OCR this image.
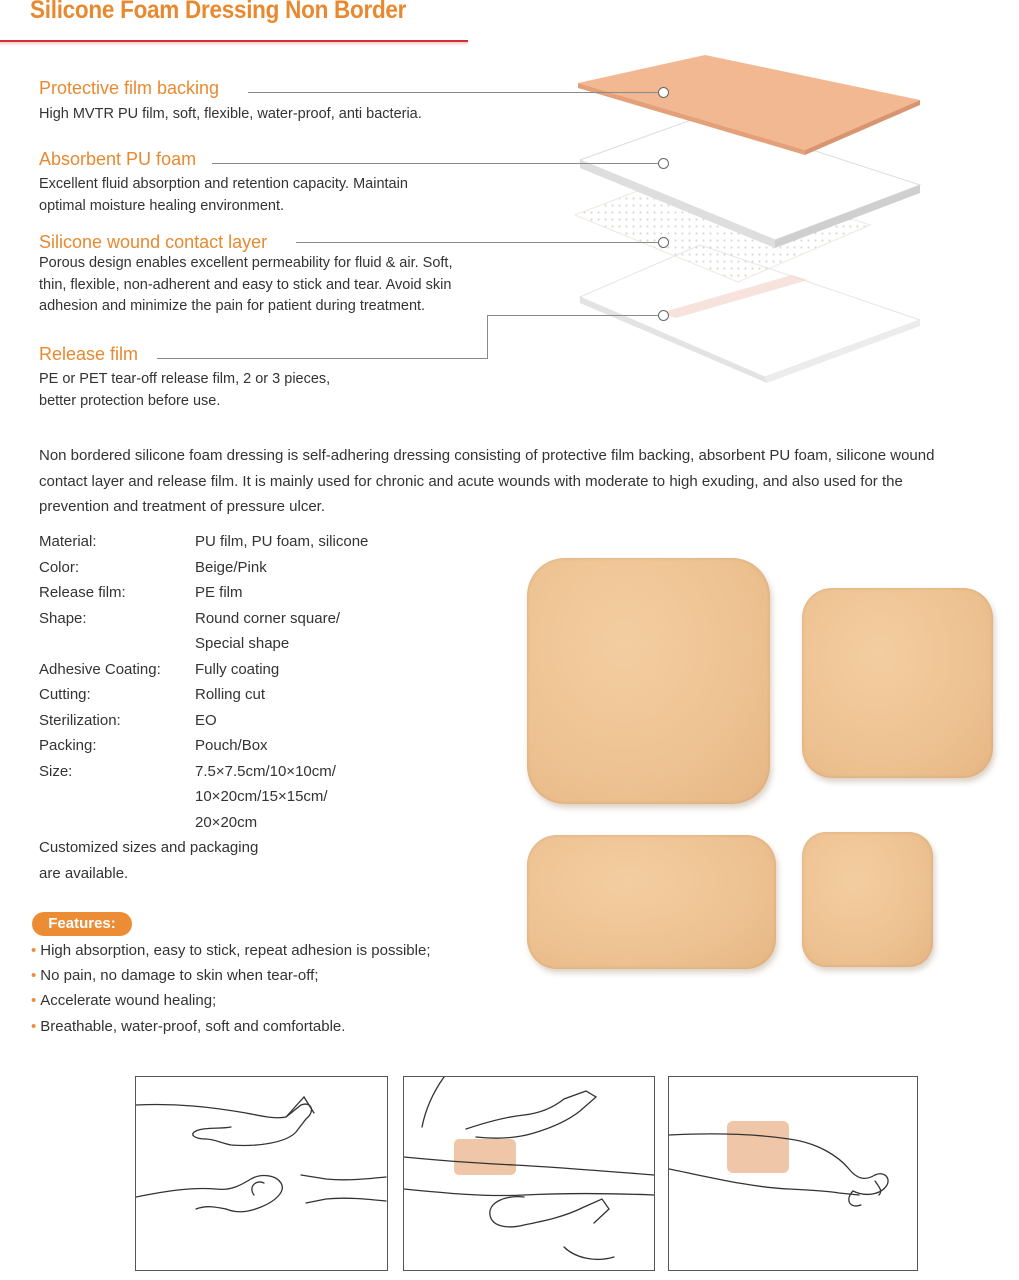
Silicone Foam Dressing Non Border
Protective film backing
High MVTR PU film, soft, flexible, water-proof, anti bacteria.
Absorbent PU foam
Excellent fluid absorption and retention capacity. Maintain optimal moisture healing environment.
Silicone wound contact layer
Porous design enables excellent permeability for fluid & air. Soft, thin, flexible, non-adherent and easy to stick and tear. Avoid skin adhesion and minimize the pain for patient during treatment.
Release film
PE or PET tear-off release film, 2 or 3 pieces, better protection before use.
Non bordered silicone foam dressing is self-adhering dressing consisting of protective film backing, absorbent PU foam, silicone wound contact layer and release film. It is mainly used for chronic and acute wounds with moderate to high exuding, and also used for the prevention and treatment of pressure ulcer.
Material:	PU film, PU foam, silicone
Color:	Beige/Pink
Release film:	PE film
Shape:	Round corner square/
Special shape
Adhesive Coating: Fully coating
Cutting:	Rolling cut
Sterilization:	EO
Packing:	Pouch/Box
Size:	7.5×7.5cm/10×10cm/
10×20cm/15×15cm/
20×20cm
Customized sizes and packaging
are available.
Features:
• High absorption, easy to stick, repeat adhesion is possible;
• No pain, no damage to skin when tear-off;
• Accelerate wound healing;
• Breathable, water-proof, soft and comfortable.
